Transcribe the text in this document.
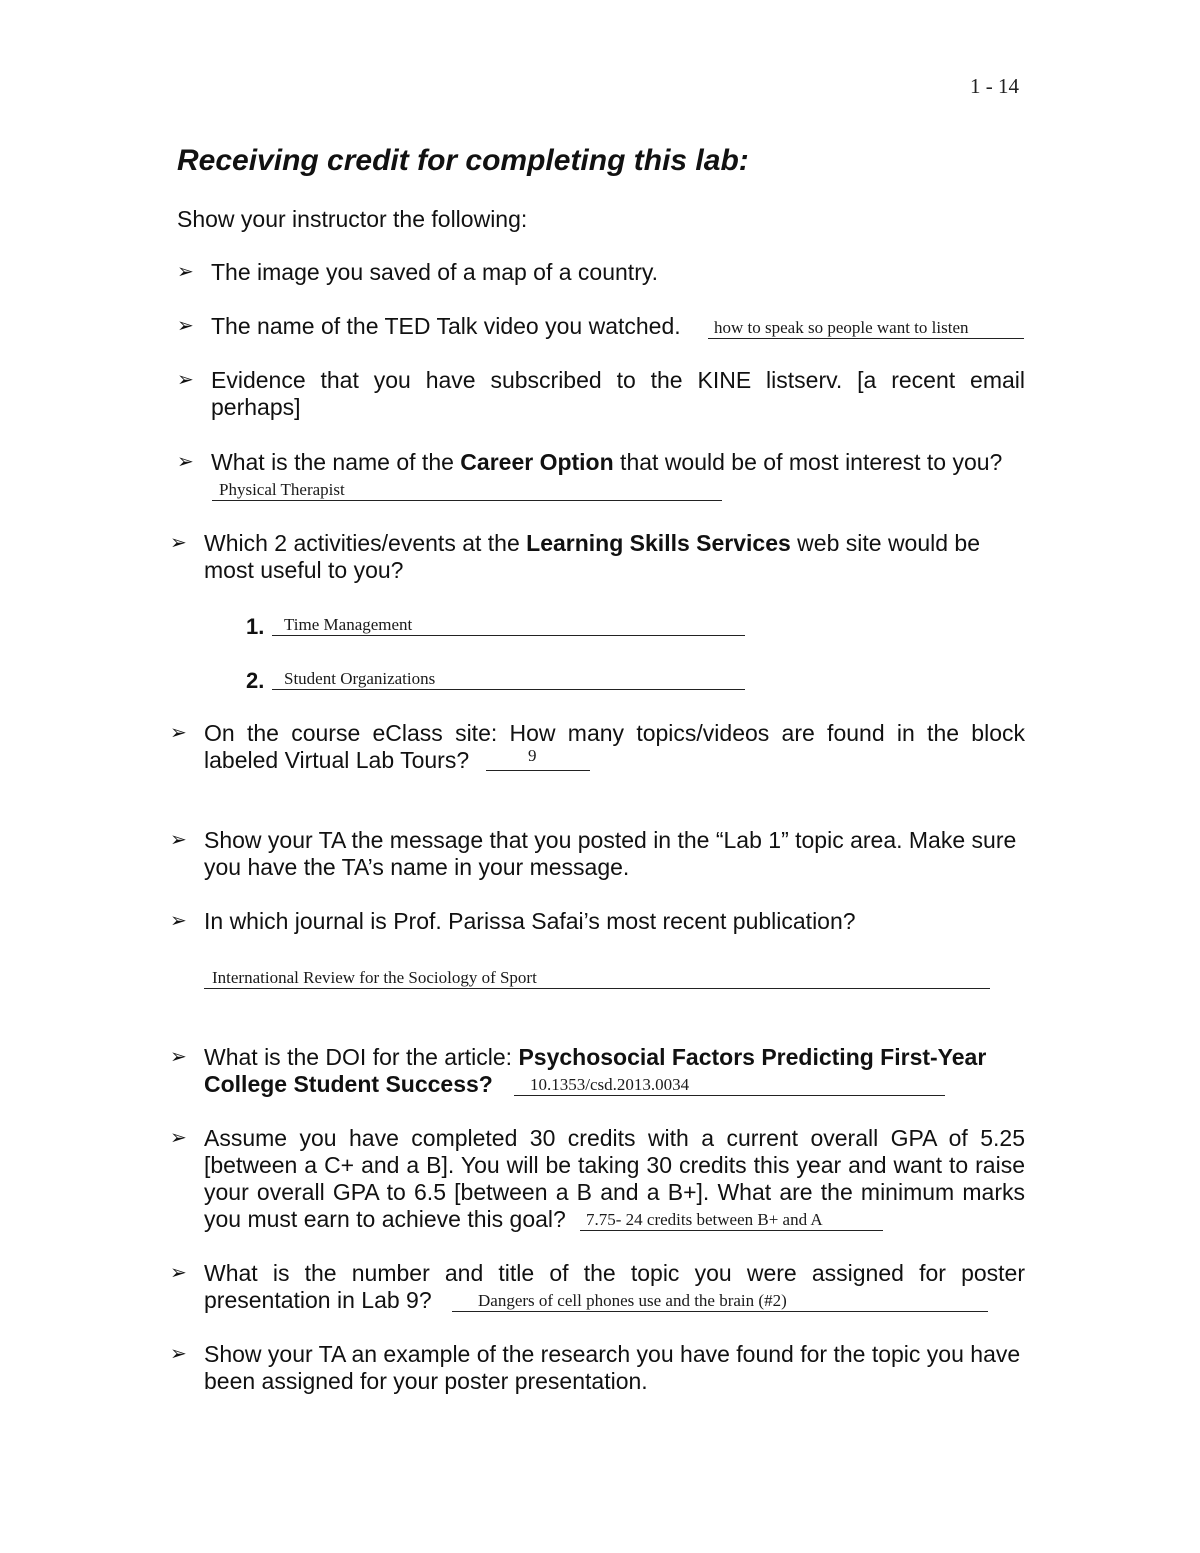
1 - 14
Receiving credit for completing this lab:
Show your instructor the following:
➢ The image you saved of a map of a country.
➢ The name of the TED Talk video you watched.	how to speak so people want to listen
➢ Evidence that you have subscribed to the KINE listserv. [a recent email
perhaps]
➢ What is the name of the Career Option that would be of most interest to you?
Physical Therapist
➢ Which 2 activities/events at the Learning Skills Services web site would be
most useful to you?
1. Time Management
2. Student Organizations
➢ On the course eClass site: How many topics/videos are found in the block
labeled Virtual Lab Tours?	9
➢ Show your TA the message that you posted in the “Lab 1” topic area. Make sure
you have the TA’s name in your message.
➢ In which journal is Prof. Parissa Safai’s most recent publication?
International Review for the Sociology of Sport
➢ What is the DOI for the article: Psychosocial Factors Predicting First-Year
College Student Success?	10.1353/csd.2013.0034
➢ Assume you have completed 30 credits with a current overall GPA of 5.25
[between a C+ and a B]. You will be taking 30 credits this year and want to raise
your overall GPA to 6.5 [between a B and a B+]. What are the minimum marks
you must earn to achieve this goal?	7.75- 24 credits between B+ and A
➢ What is the number and title of the topic you were assigned for poster
presentation in Lab 9?	Dangers of cell phones use and the brain (#2)
➢ Show your TA an example of the research you have found for the topic you have
been assigned for your poster presentation.
